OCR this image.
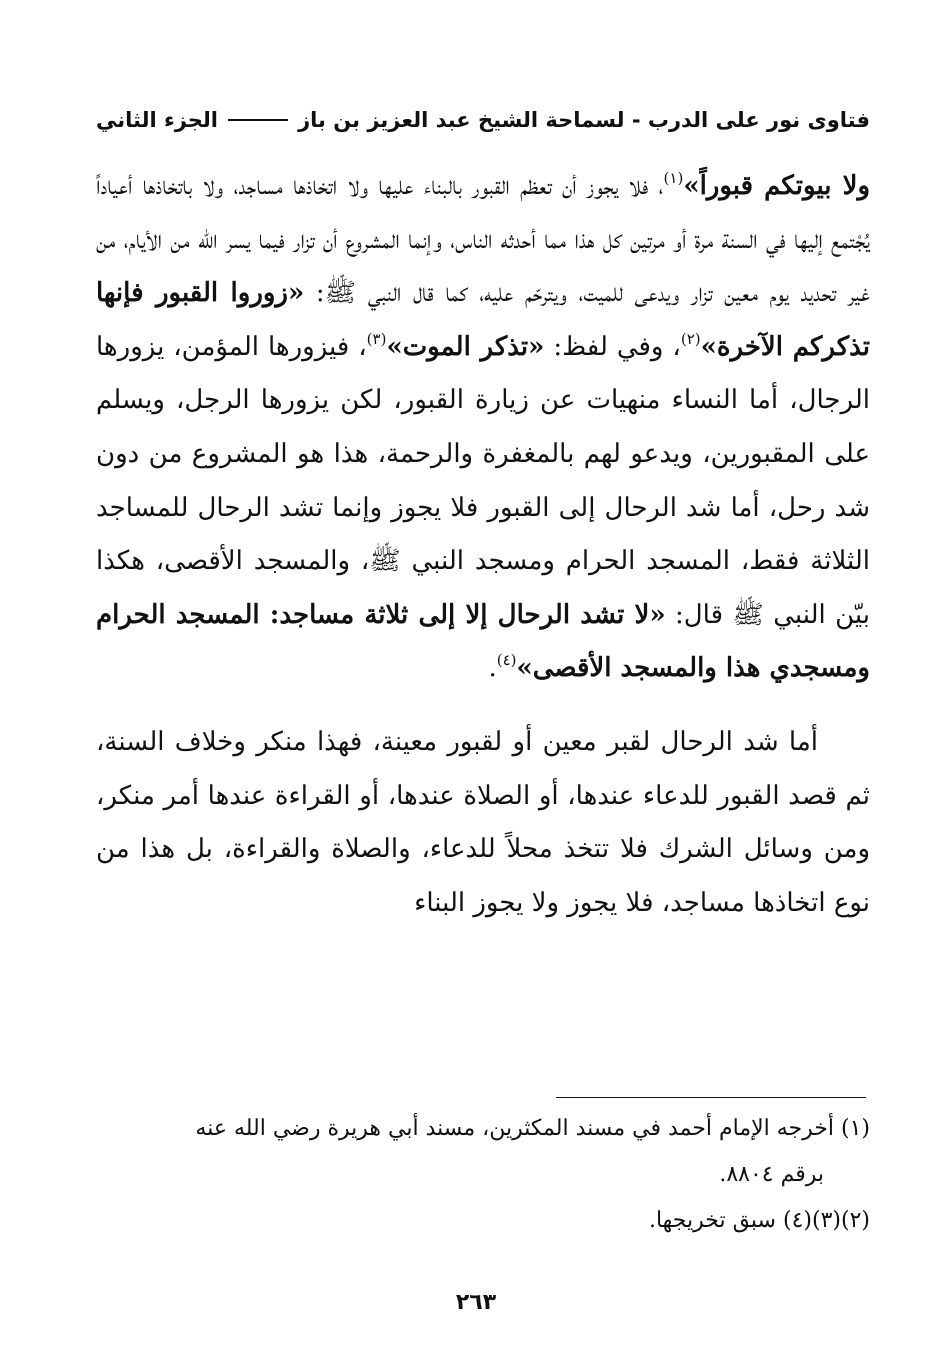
فتاوى نور على الدرب - لسماحة الشيخ عبد العزيز بن باز
الجزء الثاني

ولا بيوتكم قبوراً»$^{(١)}$، فلا يجوز أن تعظم القبور بالبناء عليها ولا اتخاذها مساجد، ولا باتخاذها أعياداً يُجْتمع إليها في السنة مرة أو مرتين كل هذا مما أحدثه الناس، وإنما المشروع أن تزار فيما يسر الله من الأيام، من غير تحديد يوم معين تزار ويدعى للميت، ويترحّم عليه، كما قال النبي ﷺ: «زوروا القبور فإنها تذكركم الآخرة»$^{(٢)}$، وفي لفظ: «تذكر الموت»$^{(٣)}$، فيزورها المؤمن، يزورها الرجال، أما النساء منهيات عن زيارة القبور، لكن يزورها الرجل، ويسلم على المقبورين، ويدعو لهم بالمغفرة والرحمة، هذا هو المشروع من دون شد رحل، أما شد الرحال إلى القبور فلا يجوز وإنما تشد الرحال للمساجد الثلاثة فقط، المسجد الحرام ومسجد النبي ﷺ، والمسجد الأقصى، هكذا بيّن النبي ﷺ قال: «لا تشد الرحال إلا إلى ثلاثة مساجد: المسجد الحرام ومسجدي هذا والمسجد الأقصى»$^{(٤)}$.

أما شد الرحال لقبر معين أو لقبور معينة، فهذا منكر وخلاف السنة، ثم قصد القبور للدعاء عندها، أو الصلاة عندها، أو القراءة عندها أمر منكر، ومن وسائل الشرك فلا تتخذ محلاً للدعاء، والصلاة والقراءة، بل هذا من نوع اتخاذها مساجد، فلا يجوز ولا يجوز البناء

(١) أخرجه الإمام أحمد في مسند المكثرين، مسند أبي هريرة رضي الله عنه

برقم ٨٨٠٤.

(٢)(٣)(٤) سبق تخريجها.

٢٦٣
